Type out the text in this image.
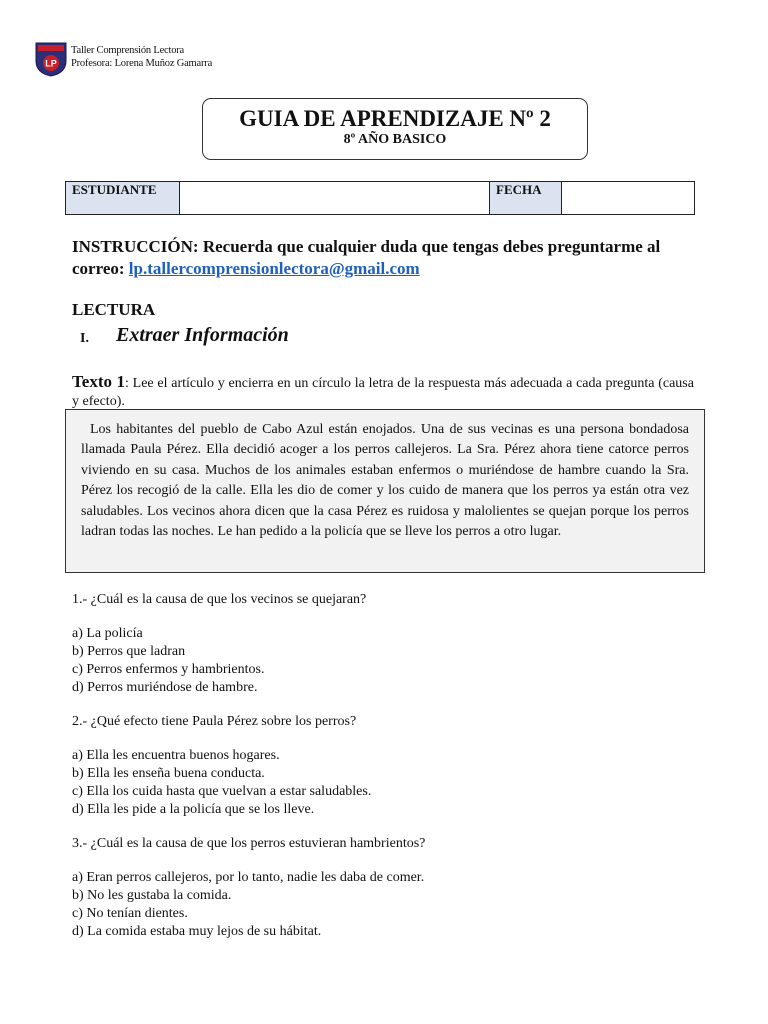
LP
Taller Comprensión Lectora
Profesora: Lorena Muñoz Gamarra
GUIA DE APRENDIZAJE Nº 2
8º AÑO BASICO
ESTUDIANTE		FECHA	
INSTRUCCIÓN: Recuerda que cualquier duda que tengas debes preguntarme al correo: lp.tallercomprensionlectora@gmail.com
LECTURA
I. Extraer Información
Texto 1: Lee el artículo y encierra en un círculo la letra de la respuesta más adecuada a cada pregunta (causa y efecto).
Los habitantes del pueblo de Cabo Azul están enojados. Una de sus vecinas es una persona bondadosa llamada Paula Pérez. Ella decidió acoger a los perros callejeros. La Sra. Pérez ahora tiene catorce perros viviendo en su casa. Muchos de los animales estaban enfermos o muriéndose de hambre cuando la Sra. Pérez los recogió de la calle. Ella les dio de comer y los cuido de manera que los perros ya están otra vez saludables. Los vecinos ahora dicen que la casa Pérez es ruidosa y malolientes se quejan porque los perros ladran todas las noches. Le han pedido a la policía que se lleve los perros a otro lugar.
1.- ¿Cuál es la causa de que los vecinos se quejaran?
a) La policía
b) Perros que ladran
c) Perros enfermos y hambrientos.
d) Perros muriéndose de hambre.
2.- ¿Qué efecto tiene Paula Pérez sobre los perros?
a) Ella les encuentra buenos hogares.
b) Ella les enseña buena conducta.
c) Ella los cuida hasta que vuelvan a estar saludables.
d) Ella les pide a la policía que se los lleve.
3.- ¿Cuál es la causa de que los perros estuvieran hambrientos?
a) Eran perros callejeros, por lo tanto, nadie les daba de comer.
b) No les gustaba la comida.
c) No tenían dientes.
d) La comida estaba muy lejos de su hábitat.
